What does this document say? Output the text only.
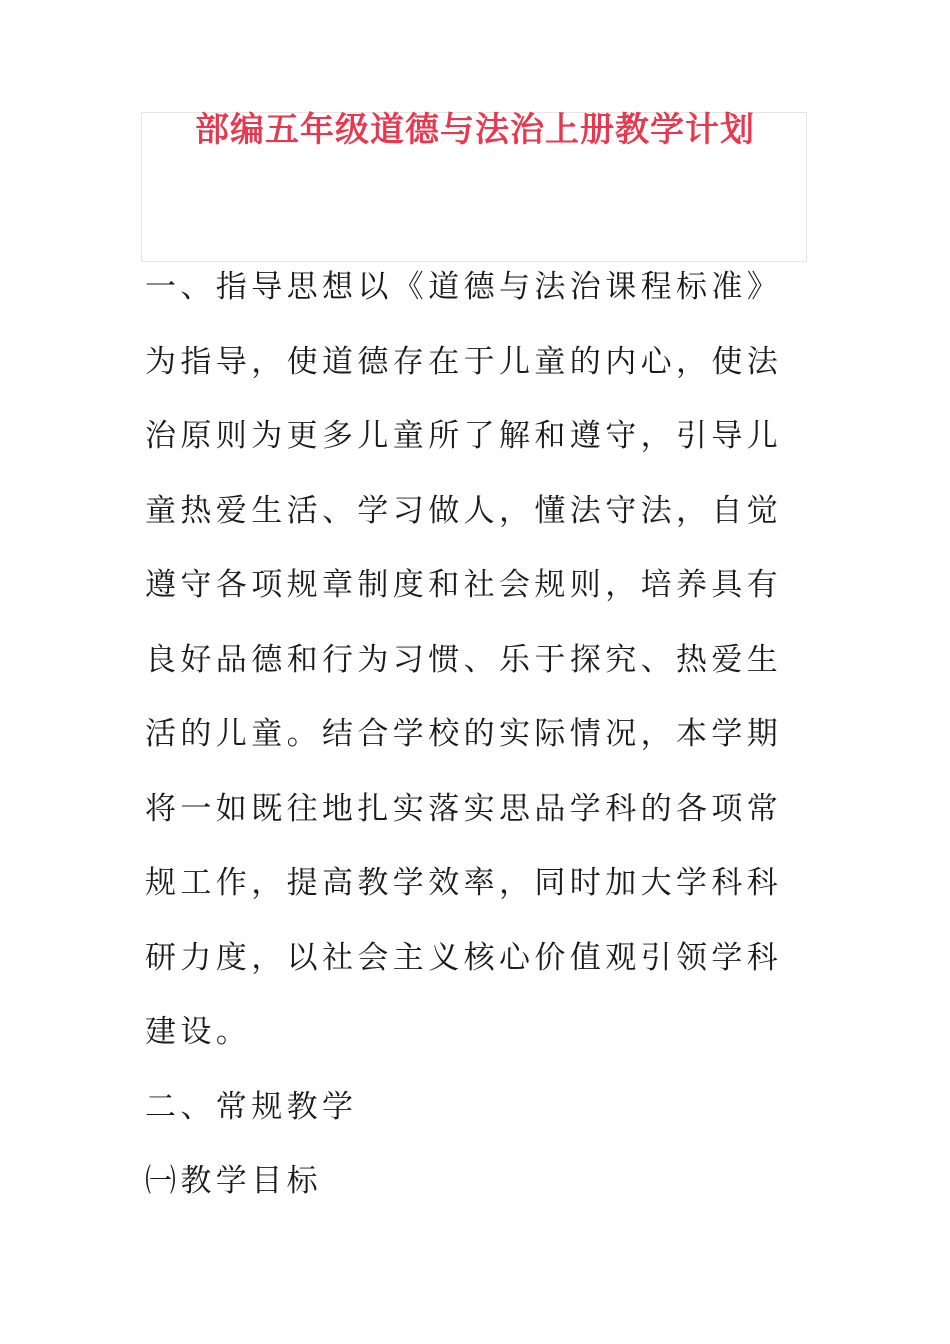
部编五年级道德与法治上册教学计划

一、指导思想以《道德与法治课程标准》为指导，使道德存在于儿童的内心，使法治原则为更多儿童所了解和遵守，引导儿童热爱生活、学习做人，懂法守法，自觉遵守各项规章制度和社会规则，培养具有良好品德和行为习惯、乐于探究、热爱生活的儿童。结合学校的实际情况，本学期将一如既往地扎实落实思品学科的各项常规工作，提高教学效率，同时加大学科科研力度，以社会主义核心价值观引领学科建设。

二、常规教学

㈠教学目标
